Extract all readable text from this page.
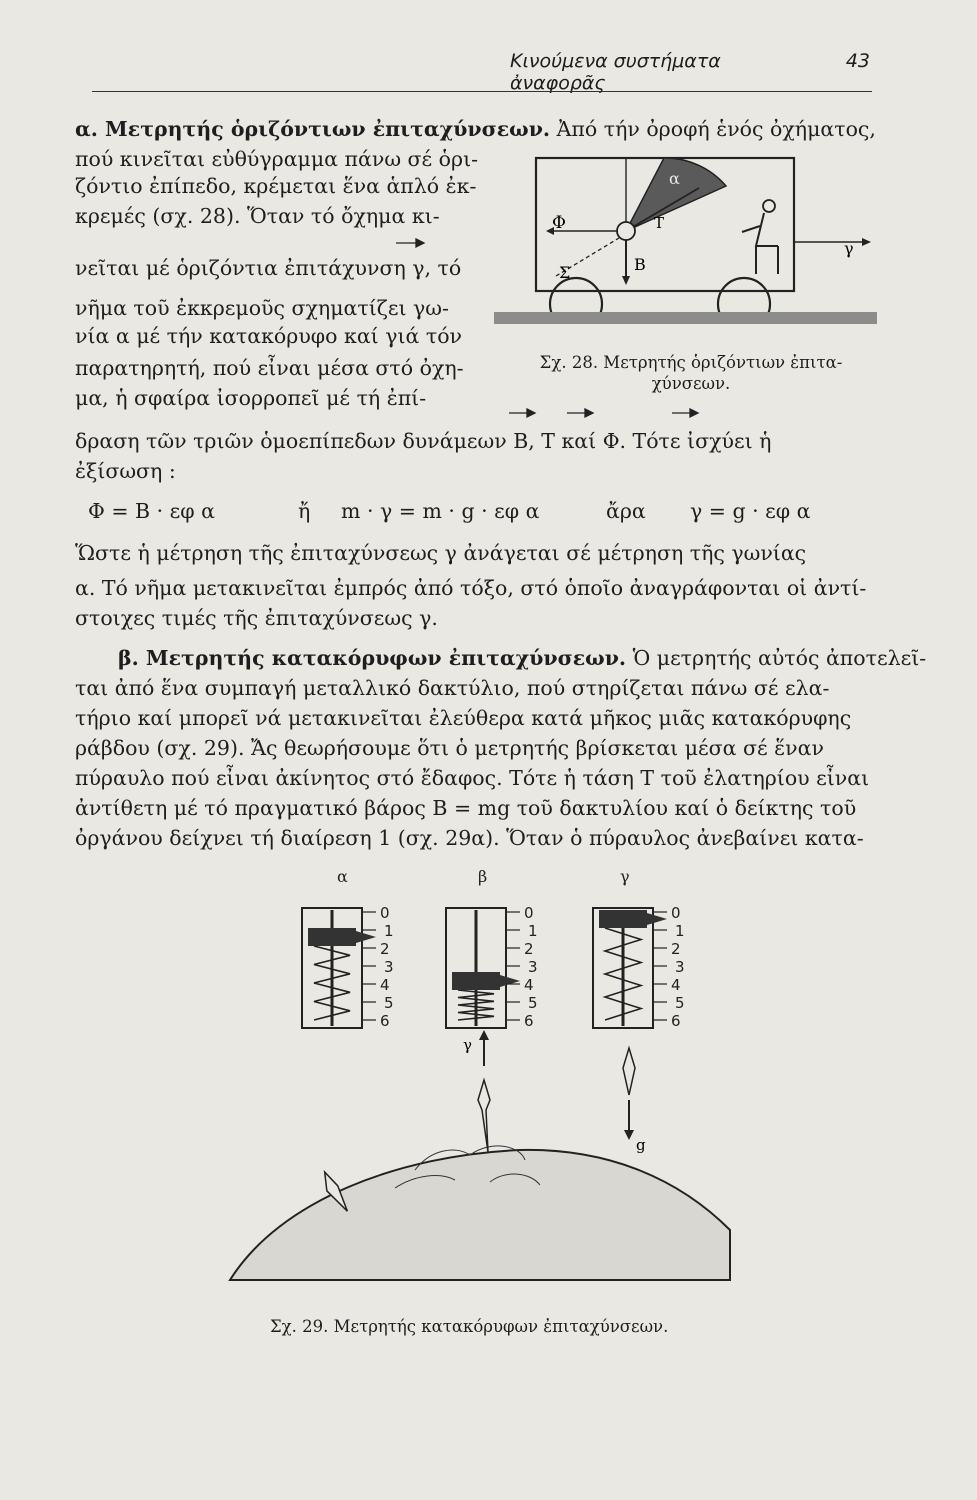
Κινούμενα συστήματα ἀναφορᾶς
43

α. Μετρητής ὁριζόντιων ἐπιταχύνσεων. Ἀπό τήν ὀροφή ἑνός ὀχήματος,

πού κινεῖται εὐθύγραμμα πάνω σέ ὁρι-

ζόντιο ἐπίπεδο, κρέμεται ἕνα ἁπλό ἐκ-

κρεμές (σχ. 28). Ὅταν τό ὄχημα κι-

νεῖται μέ ὁριζόντια ἐπιτάχυνση γ, τό

νῆμα τοῦ ἐκκρεμοῦς σχηματίζει γω-

νία α μέ τήν κατακόρυφο καί γιά τόν

παρατηρητή, πού εἶναι μέσα στό ὀχη-

μα, ἡ σφαίρα ἰσορροπεῖ μέ τή ἐπί-

δραση τῶν τριῶν ὁμοεπίπεδων δυνάμεων Β, Τ καί Φ. Τότε ἰσχύει ἡ

ἐξίσωση :

Φ
Σ
T
B
α
γ
Σχ. 28. Μετρητής ὁριζόντιων ἐπιτα-χύνσεων.
Φ = Β · εφ α	ἤ m · γ = m · g · εφ α	ἄρα γ = g · εφ α

Ὥστε ἡ μέτρηση τῆς ἐπιταχύνσεως γ ἀνάγεται σέ μέτρηση τῆς γωνίας

α. Τό νῆμα μετακινεῖται ἐμπρός ἀπό τόξο, στό ὁποῖο ἀναγράφονται οἱ ἀντί-

στοιχες τιμές τῆς ἐπιταχύνσεως γ.

β. Μετρητής κατακόρυφων ἐπιταχύνσεων. Ὁ μετρητής αὐτός ἀποτελεῖ-

ται ἀπό ἕνα συμπαγή μεταλλικό δακτύλιο, πού στηρίζεται πάνω σέ ελα-

τήριο καί μπορεῖ νά μετακινεῖται ἐλεύθερα κατά μῆκος μιᾶς κατακόρυφης

ράβδου (σχ. 29). Ἄς θεωρήσουμε ὅτι ὁ μετρητής βρίσκεται μέσα σέ ἕναν

πύραυλο πού εἶναι ἀκίνητος στό ἔδαφος. Τότε ἡ τάση Τ τοῦ ἐλατηρίου εἶναι

ἀντίθετη μέ τό πραγματικό βάρος Β = mg τοῦ δακτυλίου καί ὁ δείκτης τοῦ

ὀργάνου δείχνει τή διαίρεση 1 (σχ. 29α). Ὅταν ὁ πύραυλος ἀνεβαίνει κατα-

α	β	γ
0
1
2
3
4
5
6
0
1
2
3
4
5
6
0
1
2
3
4
5
6
γ
g
Σχ. 29. Μετρητής κατακόρυφων ἐπιταχύνσεων.
